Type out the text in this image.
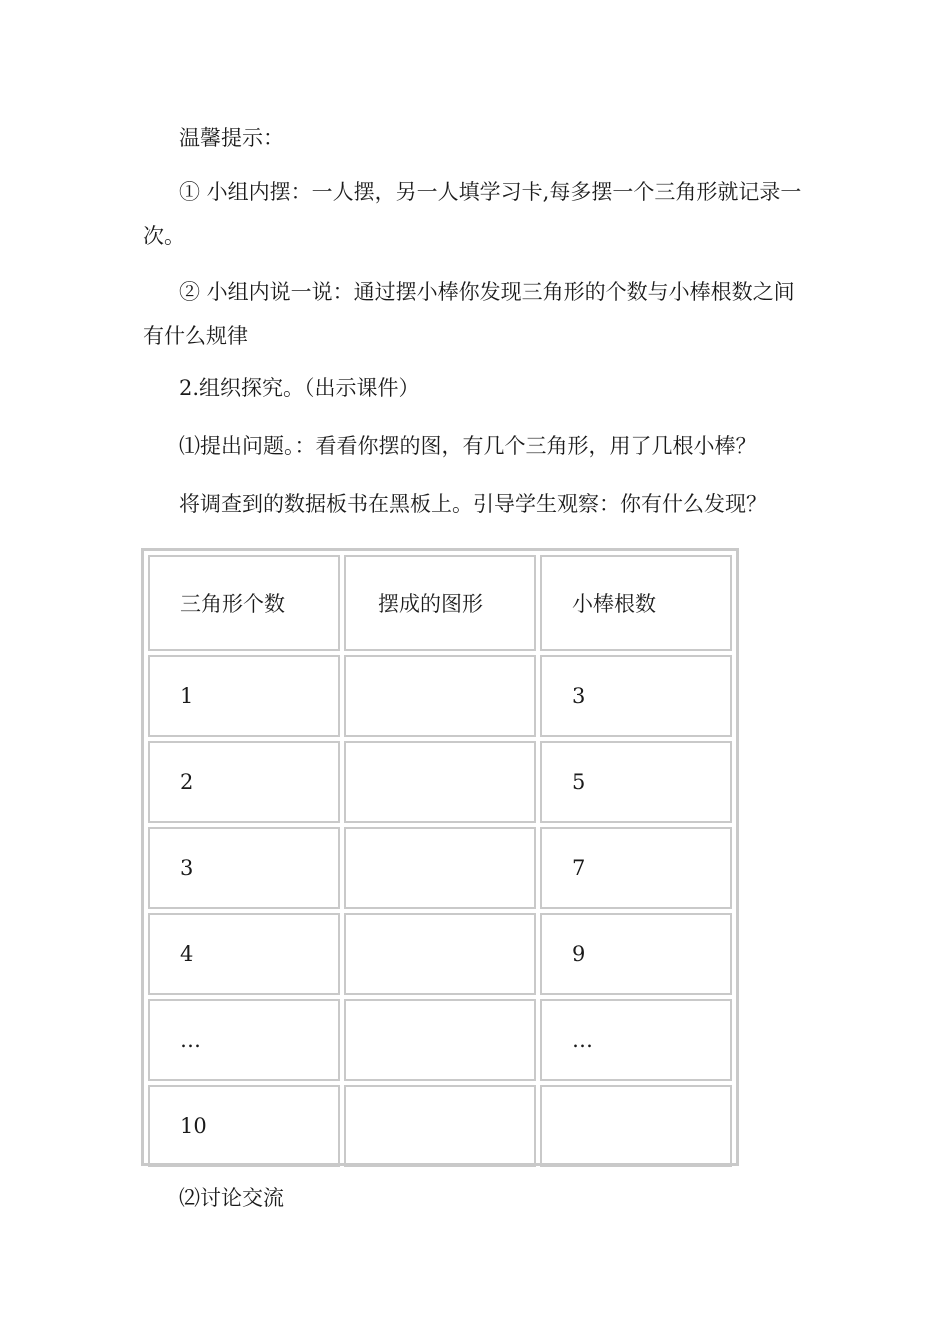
温馨提示：

① 小组内摆：一人摆，另一人填学习卡,每多摆一个三角形就记录一次。

② 小组内说一说：通过摆小棒你发现三角形的个数与小棒根数之间有什么规律

2.组织探究。（出示课件）

⑴提出问题。：看看你摆的图，有几个三角形，用了几根小棒？

将调查到的数据板书在黑板上。引导学生观察：你有什么发现？

三角形个数	摆成的图形	小棒根数
1		3
2		5
3		7
4		9
…		…
10		

⑵讨论交流
